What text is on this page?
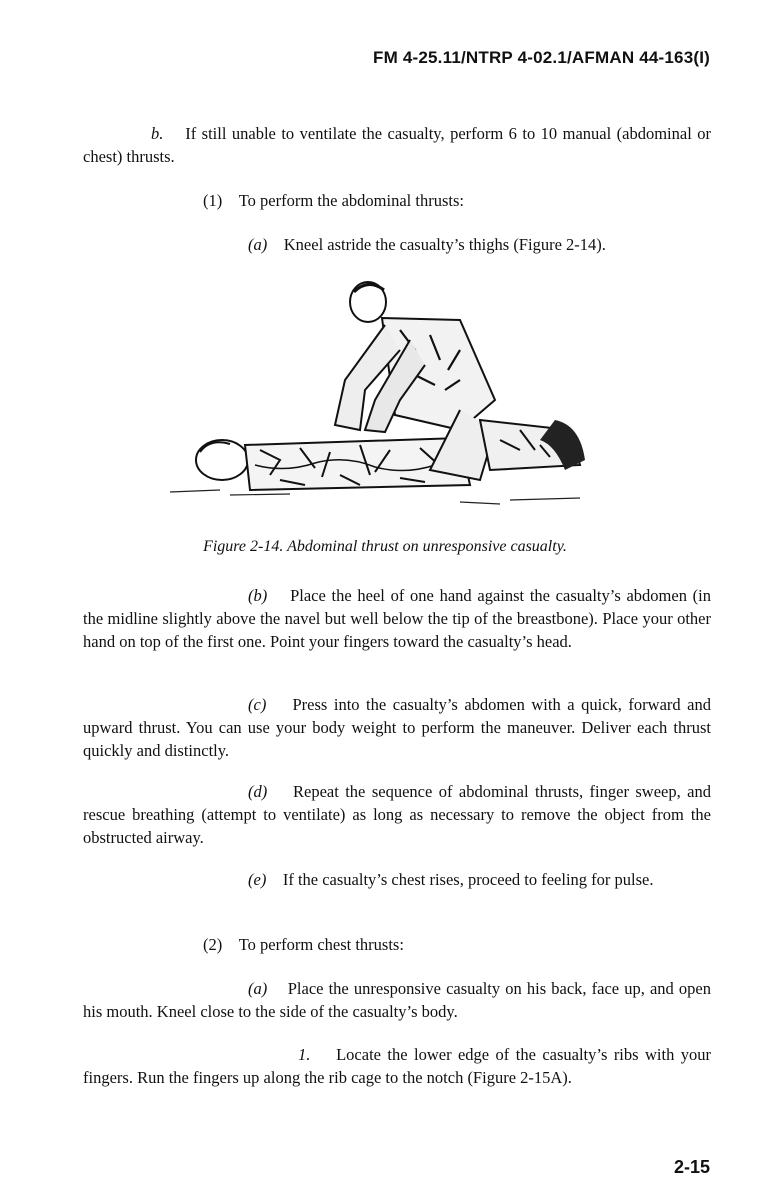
FM 4-25.11/NTRP 4-02.1/AFMAN 44-163(I)

b. If still unable to ventilate the casualty, perform 6 to 10 manual (abdominal or chest) thrusts.

(1) To perform the abdominal thrusts:

(a) Kneel astride the casualty’s thighs (Figure 2-14).

Figure 2-14. Abdominal thrust on unresponsive casualty.

(b) Place the heel of one hand against the casualty’s abdomen (in the midline slightly above the navel but well below the tip of the breastbone). Place your other hand on top of the first one. Point your fingers toward the casualty’s head.

(c) Press into the casualty’s abdomen with a quick, forward and upward thrust. You can use your body weight to perform the maneuver. Deliver each thrust quickly and distinctly.

(d) Repeat the sequence of abdominal thrusts, finger sweep, and rescue breathing (attempt to ventilate) as long as necessary to remove the object from the obstructed airway.

(e) If the casualty’s chest rises, proceed to feeling for pulse.

(2) To perform chest thrusts:

(a) Place the unresponsive casualty on his back, face up, and open his mouth. Kneel close to the side of the casualty’s body.

1. Locate the lower edge of the casualty’s ribs with your fingers. Run the fingers up along the rib cage to the notch (Figure 2-15A).

2-15
